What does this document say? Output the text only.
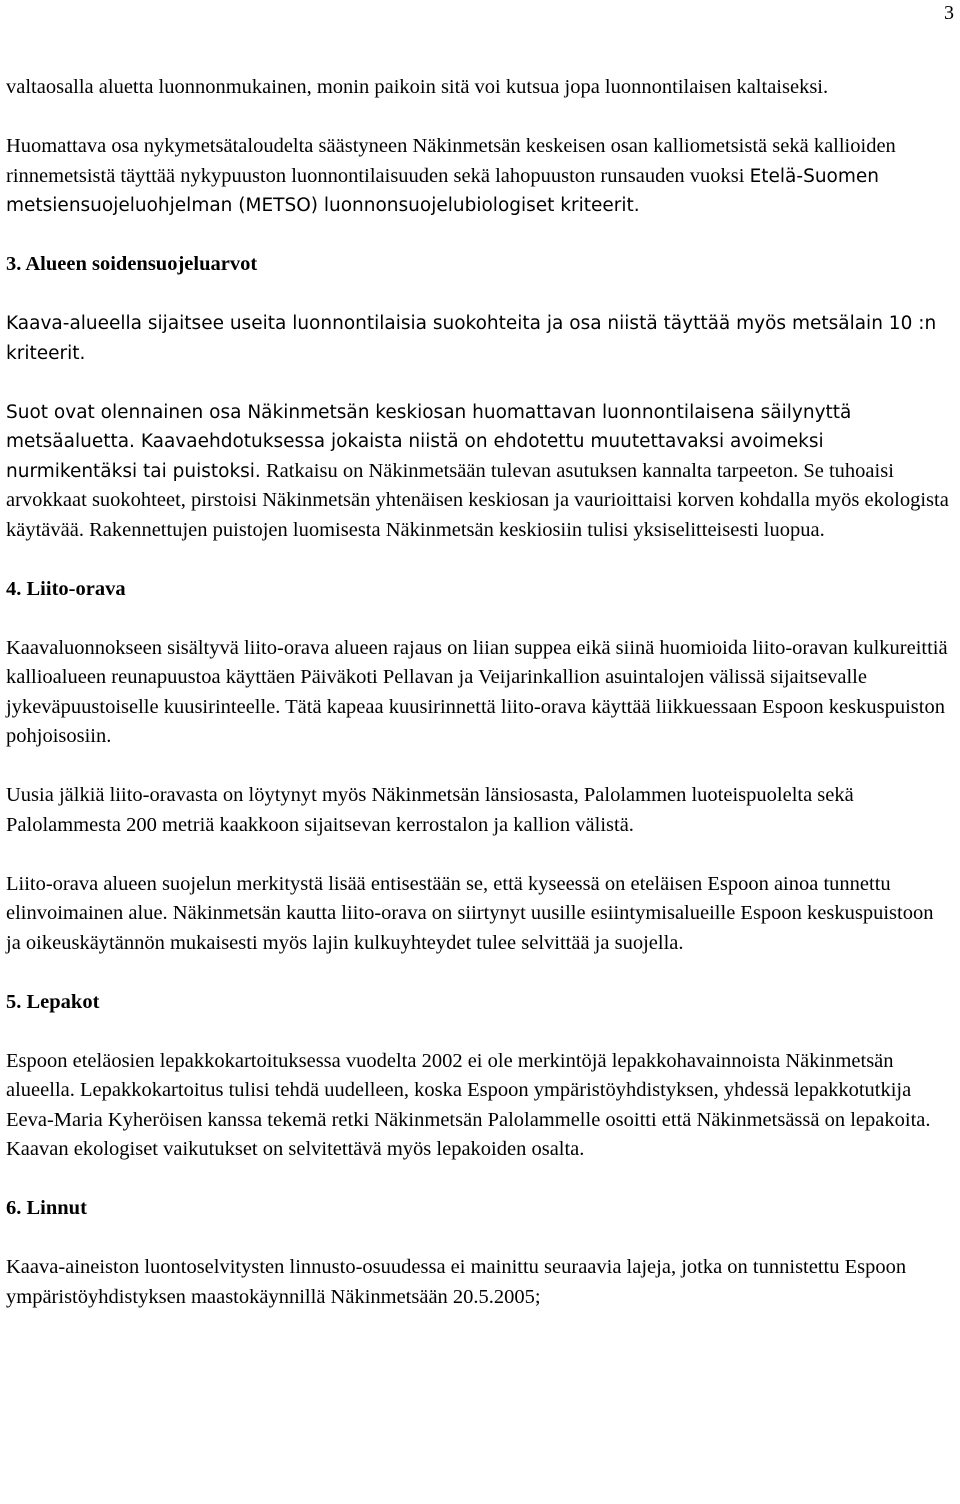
3

valtaosalla aluetta luonnonmukainen, monin paikoin sitä voi kutsua jopa luonnontilaisen kaltaiseksi.

Huomattava osa nykymetsätaloudelta säästyneen Näkinmetsän keskeisen osan kalliometsistä sekä kallioiden rinnemetsistä täyttää nykypuuston luonnontilaisuuden sekä lahopuuston runsauden vuoksi Etelä-Suomen metsiensuojeluohjelman (METSO) luonnonsuojelubiologiset kriteerit.

3. Alueen soidensuojeluarvot

Kaava-alueella sijaitsee useita luonnontilaisia suokohteita ja osa niistä täyttää myös metsälain 10 :n kriteerit.

Suot ovat olennainen osa Näkinmetsän keskiosan huomattavan luonnontilaisena säilynyttä metsäaluetta. Kaavaehdotuksessa jokaista niistä on ehdotettu muutettavaksi avoimeksi nurmikentäksi tai puistoksi. Ratkaisu on Näkinmetsään tulevan asutuksen kannalta tarpeeton. Se tuhoaisi arvokkaat suokohteet, pirstoisi Näkinmetsän yhtenäisen keskiosan ja vaurioittaisi korven kohdalla myös ekologista käytävää. Rakennettujen puistojen luomisesta Näkinmetsän keskiosiin tulisi yksiselitteisesti luopua.

4. Liito-orava

Kaavaluonnokseen sisältyvä liito-orava alueen rajaus on liian suppea eikä siinä huomioida liito-oravan kulkureittiä kallioalueen reunapuustoa käyttäen Päiväkoti Pellavan ja Veijarinkallion asuintalojen välissä sijaitsevalle jykeväpuustoiselle kuusirinteelle. Tätä kapeaa kuusirinnettä liito-orava käyttää liikkuessaan Espoon keskuspuiston pohjoisosiin.

Uusia jälkiä liito-oravasta on löytynyt myös Näkinmetsän länsiosasta, Palolammen luoteispuolelta sekä Palolammesta 200 metriä kaakkoon sijaitsevan kerrostalon ja kallion välistä.

Liito-orava alueen suojelun merkitystä lisää entisestään se, että kyseessä on eteläisen Espoon ainoa tunnettu elinvoimainen alue. Näkinmetsän kautta liito-orava on siirtynyt uusille esiintymisalueille Espoon keskuspuistoon ja oikeuskäytännön mukaisesti myös lajin kulkuyhteydet tulee selvittää ja suojella.

5. Lepakot

Espoon eteläosien lepakkokartoituksessa vuodelta 2002 ei ole merkintöjä lepakkohavainnoista Näkinmetsän alueella. Lepakkokartoitus tulisi tehdä uudelleen, koska Espoon ympäristöyhdistyksen, yhdessä lepakkotutkija Eeva-Maria Kyheröisen kanssa tekemä retki Näkinmetsän Palolammelle osoitti että Näkinmetsässä on lepakoita. Kaavan ekologiset vaikutukset on selvitettävä myös lepakoiden osalta.

6. Linnut

Kaava-aineiston luontoselvitysten linnusto-osuudessa ei mainittu seuraavia lajeja, jotka on tunnistettu Espoon ympäristöyhdistyksen maastokäynnillä Näkinmetsään 20.5.2005;
